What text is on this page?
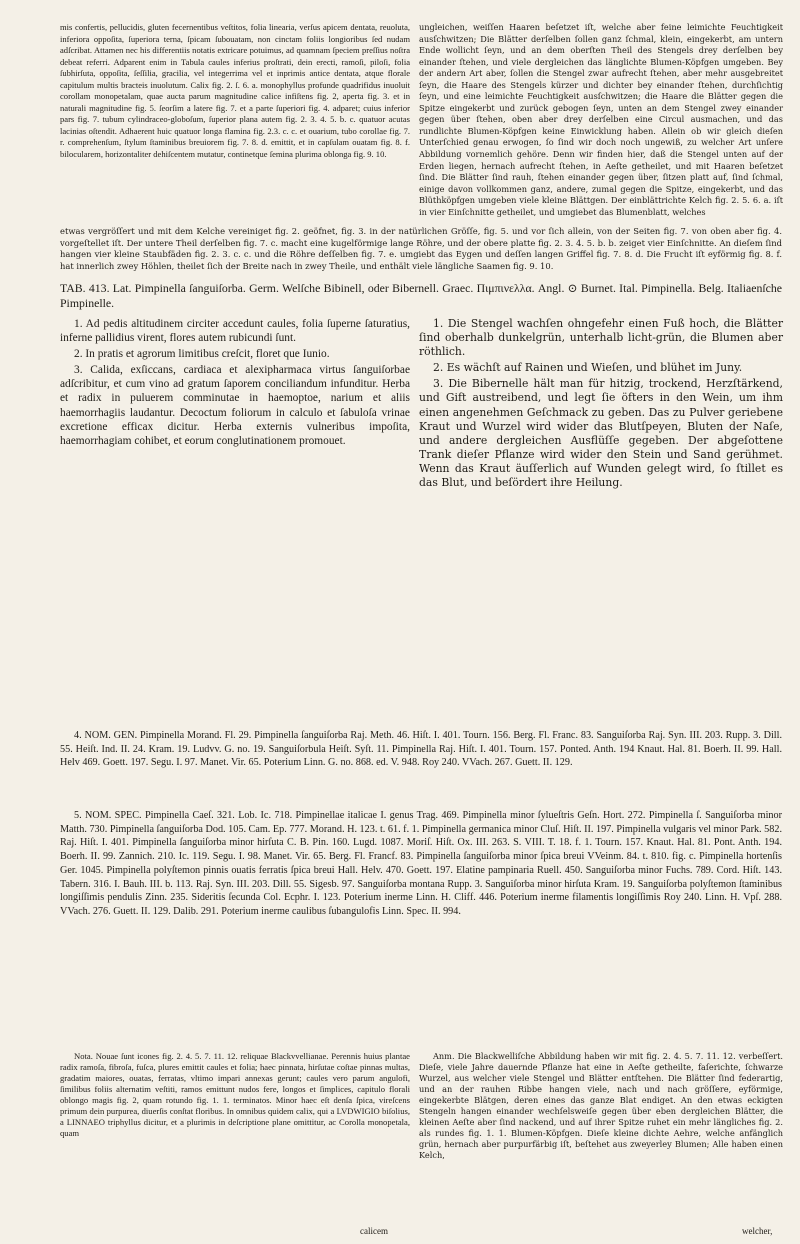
mis confertis, pellucidis, gluten fecernentibus veſtitos, folia linearia, verſus apicem dentata, reuoluta, inferiora oppoſita, ſuperiora terna, ſpicam ſubouatam, non cinctam foliis longioribus ſed nudam adſcribat. Attamen nec his differentiis notatis extricare potuimus, ad quamnam ſpeciem preſſius noſtra debeat referri. Adparent enim in Tabula caules inferius proſtrati, dein erecti, ramoſi, piloſi, folia ſubhirſuta, oppoſita, ſeſſilia, gracilia, vel integerrima vel et inprimis antice dentata, atque florale capitulum multis bracteis inuolutum. Calix fig. 2. ſ. 6. a. monophyllus profunde quadrifidus inuoluit corollam monopetalam, quae aucta parum magnitudine calice infiſtens fig. 2, aperta fig. 3. et in naturali magnitudine fig. 5. ſeorſim a latere fig. 7. et a parte ſuperiori fig. 4. adparet; cuius inferior pars fig. 7. tubum cylindraceo-globoſum, ſuperior plana autem fig. 2. 3. 4. 5. b. c. quatuor acutas lacinias oſtendit. Adhaerent huic quatuor longa flamina fig. 2.3. c. c. et ouarium, tubo corollae fig. 7. r. comprehenſum, ſtylum ſtaminibus breuiorem fig. 7. 8. d. emittit, et in capſulam ouatam fig. 8. f. bilocularem, horizontaliter dehiſcentem mutatur, continetque ſemina plurima oblonga fig. 9. 10.

ungleichen, weiſſen Haaren beſetzet iſt, welche aber feine leimichte Feuchtigkeit ausſchwitzen; Die Blätter derſelben ſollen ganz ſchmal, klein, eingekerbt, am untern Ende wollicht ſeyn, und an dem oberſten Theil des Stengels drey derſelben bey einander ſtehen, und viele dergleichen das länglichte Blumen-Köpfgen umgeben. Bey der andern Art aber, ſollen die Stengel zwar aufrecht ſtehen, aber mehr ausgebreitet ſeyn, die Haare des Stengels kürzer und dichter bey einander ſtehen, durchſichtig ſeyn, und eine leimichte Feuchtigkeit ausſchwitzen; die Haare die Blätter gegen die Spitze eingekerbt und zurück gebogen ſeyn, unten an dem Stengel zwey einander gegen über ſtehen, oben aber drey derſelben eine Circul ausmachen, und das rundlichte Blumen-Köpfgen keine Einwicklung haben. Allein ob wir gleich dieſen Unterſchied genau erwogen, ſo ſind wir doch noch ungewiß, zu welcher Art unſere Abbildung vornemlich gehöre. Denn wir finden hier, daß die Stengel unten auf der Erden liegen, hernach aufrecht ſtehen, in Aeſte getheilet, und mit Haaren beſetzet ſind. Die Blätter ſind rauh, ſtehen einander gegen über, ſitzen platt auf, ſind ſchmal, einige davon vollkommen ganz, andere, zumal gegen die Spitze, eingekerbt, und das Blüthköpfgen umgeben viele kleine Blättgen. Der einblättrichte Kelch fig. 2. 5. 6. a. iſt in vier Einſchnitte getheilet, und umgiebet das Blumenblatt, welches

etwas vergröſſert und mit dem Kelche vereiniget fig. 2. geöfnet, fig. 3. in der natürlichen Gröſſe, fig. 5. und vor ſich allein, von der Seiten fig. 7. von oben aber fig. 4. vorgeſtellet iſt. Der untere Theil derſelben fig. 7. c. macht eine kugelförmige lange Röhre, und der obere platte fig. 2. 3. 4. 5. b. b. zeiget vier Einſchnitte. An dieſem ſind hangen vier kleine Staubfäden fig. 2. 3. c. c. und die Röhre deſſelben fig. 7. e. umgiebt das Eygen und deſſen langen Griffel fig. 7. 8. d. Die Frucht iſt eyförmig fig. 8. f. hat innerlich zwey Höhlen, theilet ſich der Breite nach in zwey Theile, und enthält viele längliche Saamen fig. 9. 10.

TAB. 413. Lat. Pimpinella ſanguiſorba. Germ. Welſche Bibinell, oder Bibernell. Graec. Πιμπινελλα. Angl. ⊙ Burnet. Ital. Pimpinella. Belg. Italiaenſche Pimpinelle.

1. Ad pedis altitudinem circiter accedunt caules, folia ſuperne ſaturatius, inferne pallidius virent, flores autem rubicundi ſunt.

2. In pratis et agrorum limitibus creſcit, floret que Iunio.

3. Calida, exſiccans, cardiaca et alexipharmaca virtus ſanguiſorbae adſcribitur, et cum vino ad gratum ſaporem conciliandum infunditur. Herba et radix in puluerem comminutae in haemoptoe, narium et aliis haemorrhagiis laudantur. Decoctum foliorum in calculo et ſabuloſa vrinae excretione efficax dicitur. Herba externis vulneribus impoſita, haemorrhagiam cohibet, et eorum conglutinationem promouet.

1. Die Stengel wachſen ohngefehr einen Fuß hoch, die Blätter ſind oberhalb dunkelgrün, unterhalb licht-grün, die Blumen aber röthlich.

2. Es wächſt auf Rainen und Wieſen, und blühet im Juny.

3. Die Bibernelle hält man für hitzig, trockend, Herzſtärkend, und Gift austreibend, und legt ſie öfters in den Wein, um ihm einen angenehmen Geſchmack zu geben. Das zu Pulver geriebene Kraut und Wurzel wird wider das Blutſpeyen, Bluten der Naſe, und andere dergleichen Ausflüſſe gegeben. Der abgeſottene Trank dieſer Pflanze wird wider den Stein und Sand gerühmet. Wenn das Kraut äuſſerlich auf Wunden gelegt wird, ſo ſtillet es das Blut, und beſördert ihre Heilung.

4. NOM. GEN. Pimpinella Morand. Fl. 29. Pimpinella ſanguiſorba Raj. Meth. 46. Hiſt. I. 401. Tourn. 156. Berg. Fl. Franc. 83. Sanguiſorba Raj. Syn. III. 203. Rupp. 3. Dill. 55. Heiſt. Ind. II. 24. Kram. 19. Ludvv. G. no. 19. Sanguiſorbula Heiſt. Syſt. 11. Pimpinella Raj. Hiſt. I. 401. Tourn. 157. Ponted. Anth. 194 Knaut. Hal. 81. Boerh. II. 99. Hall. Helv 469. Goett. 197. Segu. I. 97. Manet. Vir. 65. Poterium Linn. G. no. 868. ed. V. 948. Roy 240. VVach. 267. Guett. II. 129.

5. NOM. SPEC. Pimpinella Caeſ. 321. Lob. Ic. 718. Pimpinellae italicae I. genus Trag. 469. Pimpinella minor ſylueſtris Geſn. Hort. 272. Pimpinella ſ. Sanguiſorba minor Matth. 730. Pimpinella ſanguiſorba Dod. 105. Cam. Ep. 777. Morand. H. 123. t. 61. f. 1. Pimpinella germanica minor Cluſ. Hiſt. II. 197. Pimpinella vulgaris vel minor Park. 582. Raj. Hiſt. I. 401. Pimpinella ſanguiſorba minor hirſuta C. B. Pin. 160. Lugd. 1087. Moriſ. Hiſt. Ox. III. 263. S. VIII. T. 18. f. 1. Tourn. 157. Knaut. Hal. 81. Pont. Anth. 194. Boerh. II. 99. Zannich. 210. Ic. 119. Segu. I. 98. Manet. Vir. 65. Berg. Fl. Francf. 83. Pimpinella ſanguiſorba minor ſpica breui VVeinm. 84. t. 810. fig. c. Pimpinella hortenſis Ger. 1045. Pimpinella polyſtemon pinnis ouatis ferratis ſpica breui Hall. Helv. 470. Goett. 197. Elatine pampinaria Ruell. 450. Sanguiſorba minor Fuchs. 789. Cord. Hiſt. 143. Tabern. 316. I. Bauh. III. b. 113. Raj. Syn. III. 203. Dill. 55. Sigesb. 97. Sanguiſorba montana Rupp. 3. Sanguiſorba minor hirſuta Kram. 19. Sanguiſorba polyſtemon ſtaminibus longiſſimis pendulis Zinn. 235. Sideritis ſecunda Col. Ecphr. I. 123. Poterium inerme Linn. H. Cliff. 446. Poterium inerme filamentis longiſſimis Roy 240. Linn. H. Vpſ. 288. VVach. 276. Guett. II. 129. Dalib. 291. Poterium inerme caulibus ſubangulofis Linn. Spec. II. 994.

Nota. Nouae ſunt icones fig. 2. 4. 5. 7. 11. 12. reliquae Blackvvellianae. Perennis huius plantae radix ramoſa, fibroſa, fuſca, plures emittit caules et folia; haec pinnata, hirſutae coſtae pinnas multas, gradatim maiores, ouatas, ferratas, vltimo impari annexas gerunt; caules vero parum angulofi, ſimilibus foliis alternatim veſtiti, ramos emittunt nudos fere, longos et ſimplices, capitulo florali oblongo magis fig. 2, quam rotundo fig. 1. 1. terminatos. Minor haec eſt denſa ſpica, vireſcens primum dein purpurea, diuerſis conſtat floribus. In omnibus quidem calix, qui a LVDWIGIO biſolius, a LINNAEO triphyllus dicitur, et a plurimis in deſcriptione plane omittitur, ac Corolla monopetala, quam

calicem

Anm. Die Blackwelliſche Abbildung haben wir mit fig. 2. 4. 5. 7. 11. 12. verbeſſert. Dieſe, viele Jahre dauernde Pflanze hat eine in Aeſte getheilte, faſerichte, ſchwarze Wurzel, aus welcher viele Stengel und Blätter entſtehen. Die Blätter ſind federartig, und an der rauhen Ribbe hangen viele, nach und nach gröſſere, eyförmige, eingekerbte Blätgen, deren eines das ganze Blat endiget. An den etwas eckigten Stengeln hangen einander wechſelsweiſe gegen über eben dergleichen Blätter, die kleinen Aeſte aber ſind nackend, und auf ihrer Spitze ruhet ein mehr längliches fig. 2. als rundes fig. 1. 1. Blumen-Köpfgen. Dieſe kleine dichte Aehre, welche anfänglich grün, hernach aber purpurfärbig iſt, beſtehet aus zweyerley Blumen; Alle haben einen Kelch,

welcher,
